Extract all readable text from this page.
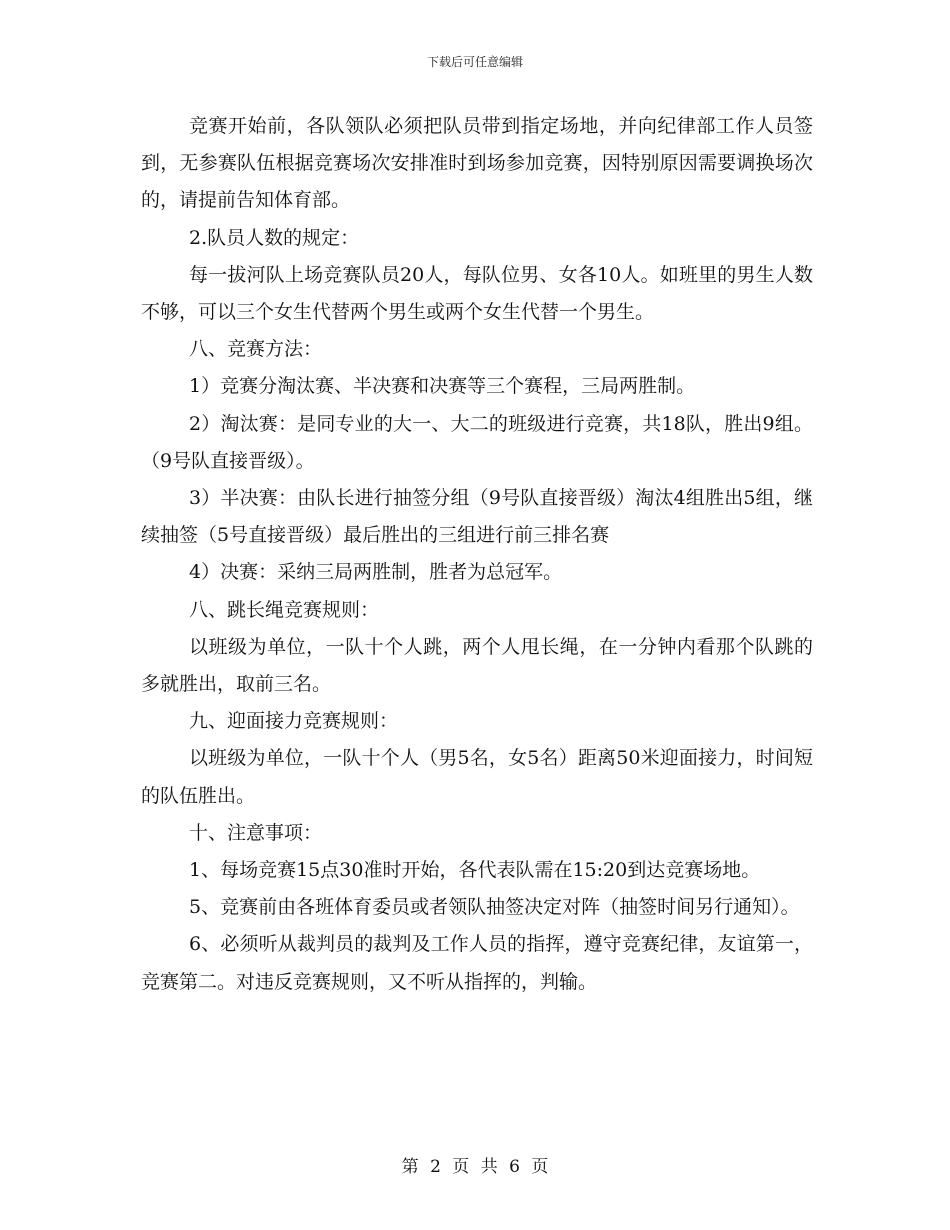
下载后可任意编辑

竞赛开始前，各队领队必须把队员带到指定场地，并向纪律部工作人员签到，无参赛队伍根据竞赛场次安排准时到场参加竞赛，因特别原因需要调换场次的，请提前告知体育部。

2.队员人数的规定：

每一拔河队上场竞赛队员20人，每队位男、女各10人。如班里的男生人数不够，可以三个女生代替两个男生或两个女生代替一个男生。

八、竞赛方法：

1）竞赛分淘汰赛、半决赛和决赛等三个赛程，三局两胜制。

2）淘汰赛：是同专业的大一、大二的班级进行竞赛，共18队，胜出9组。（9号队直接晋级）。

3）半决赛：由队长进行抽签分组（9号队直接晋级）淘汰4组胜出5组，继续抽签（5号直接晋级）最后胜出的三组进行前三排名赛

4）决赛：采纳三局两胜制，胜者为总冠军。

八、跳长绳竞赛规则：

以班级为单位，一队十个人跳，两个人甩长绳，在一分钟内看那个队跳的多就胜出，取前三名。

九、迎面接力竞赛规则：

以班级为单位，一队十个人（男5名，女5名）距离50米迎面接力，时间短的队伍胜出。

十、注意事项：

1、每场竞赛15点30准时开始，各代表队需在15:20到达竞赛场地。

5、竞赛前由各班体育委员或者领队抽签决定对阵（抽签时间另行通知）。

6、必须听从裁判员的裁判及工作人员的指挥，遵守竞赛纪律，友谊第一，竞赛第二。对违反竞赛规则，又不听从指挥的，判输。

第 2 页 共 6 页
